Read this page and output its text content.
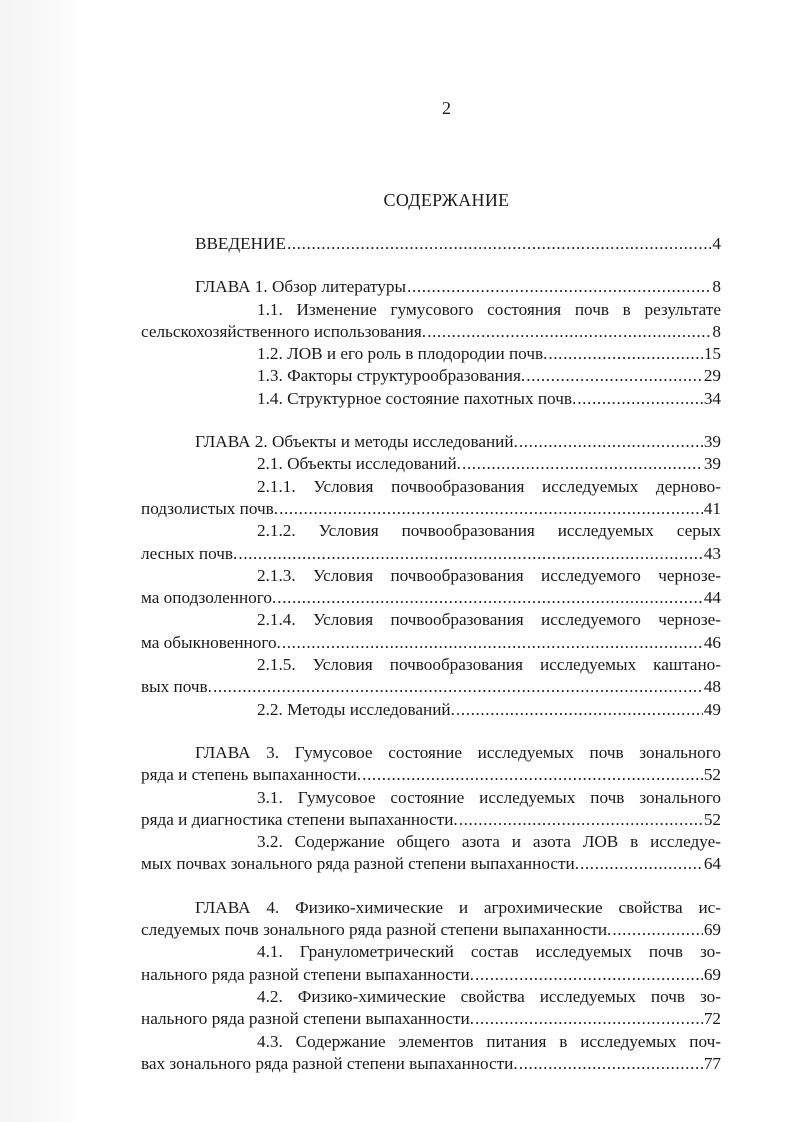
2
СОДЕРЖАНИЕ
ВВЕДЕНИЕ .....	4
ГЛАВА 1. Обзор литературы .....	8
1.1. Изменение гумусового состояния почв в результате
сельскохозяйственного использования. .....	8
1.2. ЛОВ и его роль в плодородии почв. .....	15
1.3. Факторы структурообразования. .....	29
1.4. Структурное состояние пахотных почв. .....	34
ГЛАВА 2. Объекты и методы исследований. .....	39
2.1. Объекты исследований. .....	39
2.1.1. Условия почвообразования исследуемых дерново-
подзолистых почв. .....	41
2.1.2. Условия почвообразования исследуемых серых
лесных почв. .....	43
2.1.3. Условия почвообразования исследуемого чернозе-
ма оподзоленного. .....	44
2.1.4. Условия почвообразования исследуемого чернозе-
ма обыкновенного. .....	46
2.1.5. Условия почвообразования исследуемых каштано-
вых почв. .....	48
2.2. Методы исследований. .....	49
ГЛАВА 3. Гумусовое состояние исследуемых почв зонального
ряда и степень выпаханности. .....	52
3.1. Гумусовое состояние исследуемых почв зонального
ряда и диагностика степени выпаханности. .....	52
3.2. Содержание общего азота и азота ЛОВ в исследуе-
мых почвах зонального ряда разной степени выпаханности. .....	64
ГЛАВА 4. Физико-химические и агрохимические свойства ис-
следуемых почв зонального ряда разной степени выпаханности. .....	69
4.1. Гранулометрический состав исследуемых почв зо-
нального ряда разной степени выпаханности. .....	69
4.2. Физико-химические свойства исследуемых почв зо-
нального ряда разной степени выпаханности. .....	72
4.3. Содержание элементов питания в исследуемых поч-
вах зонального ряда разной степени выпаханности. .....	77
